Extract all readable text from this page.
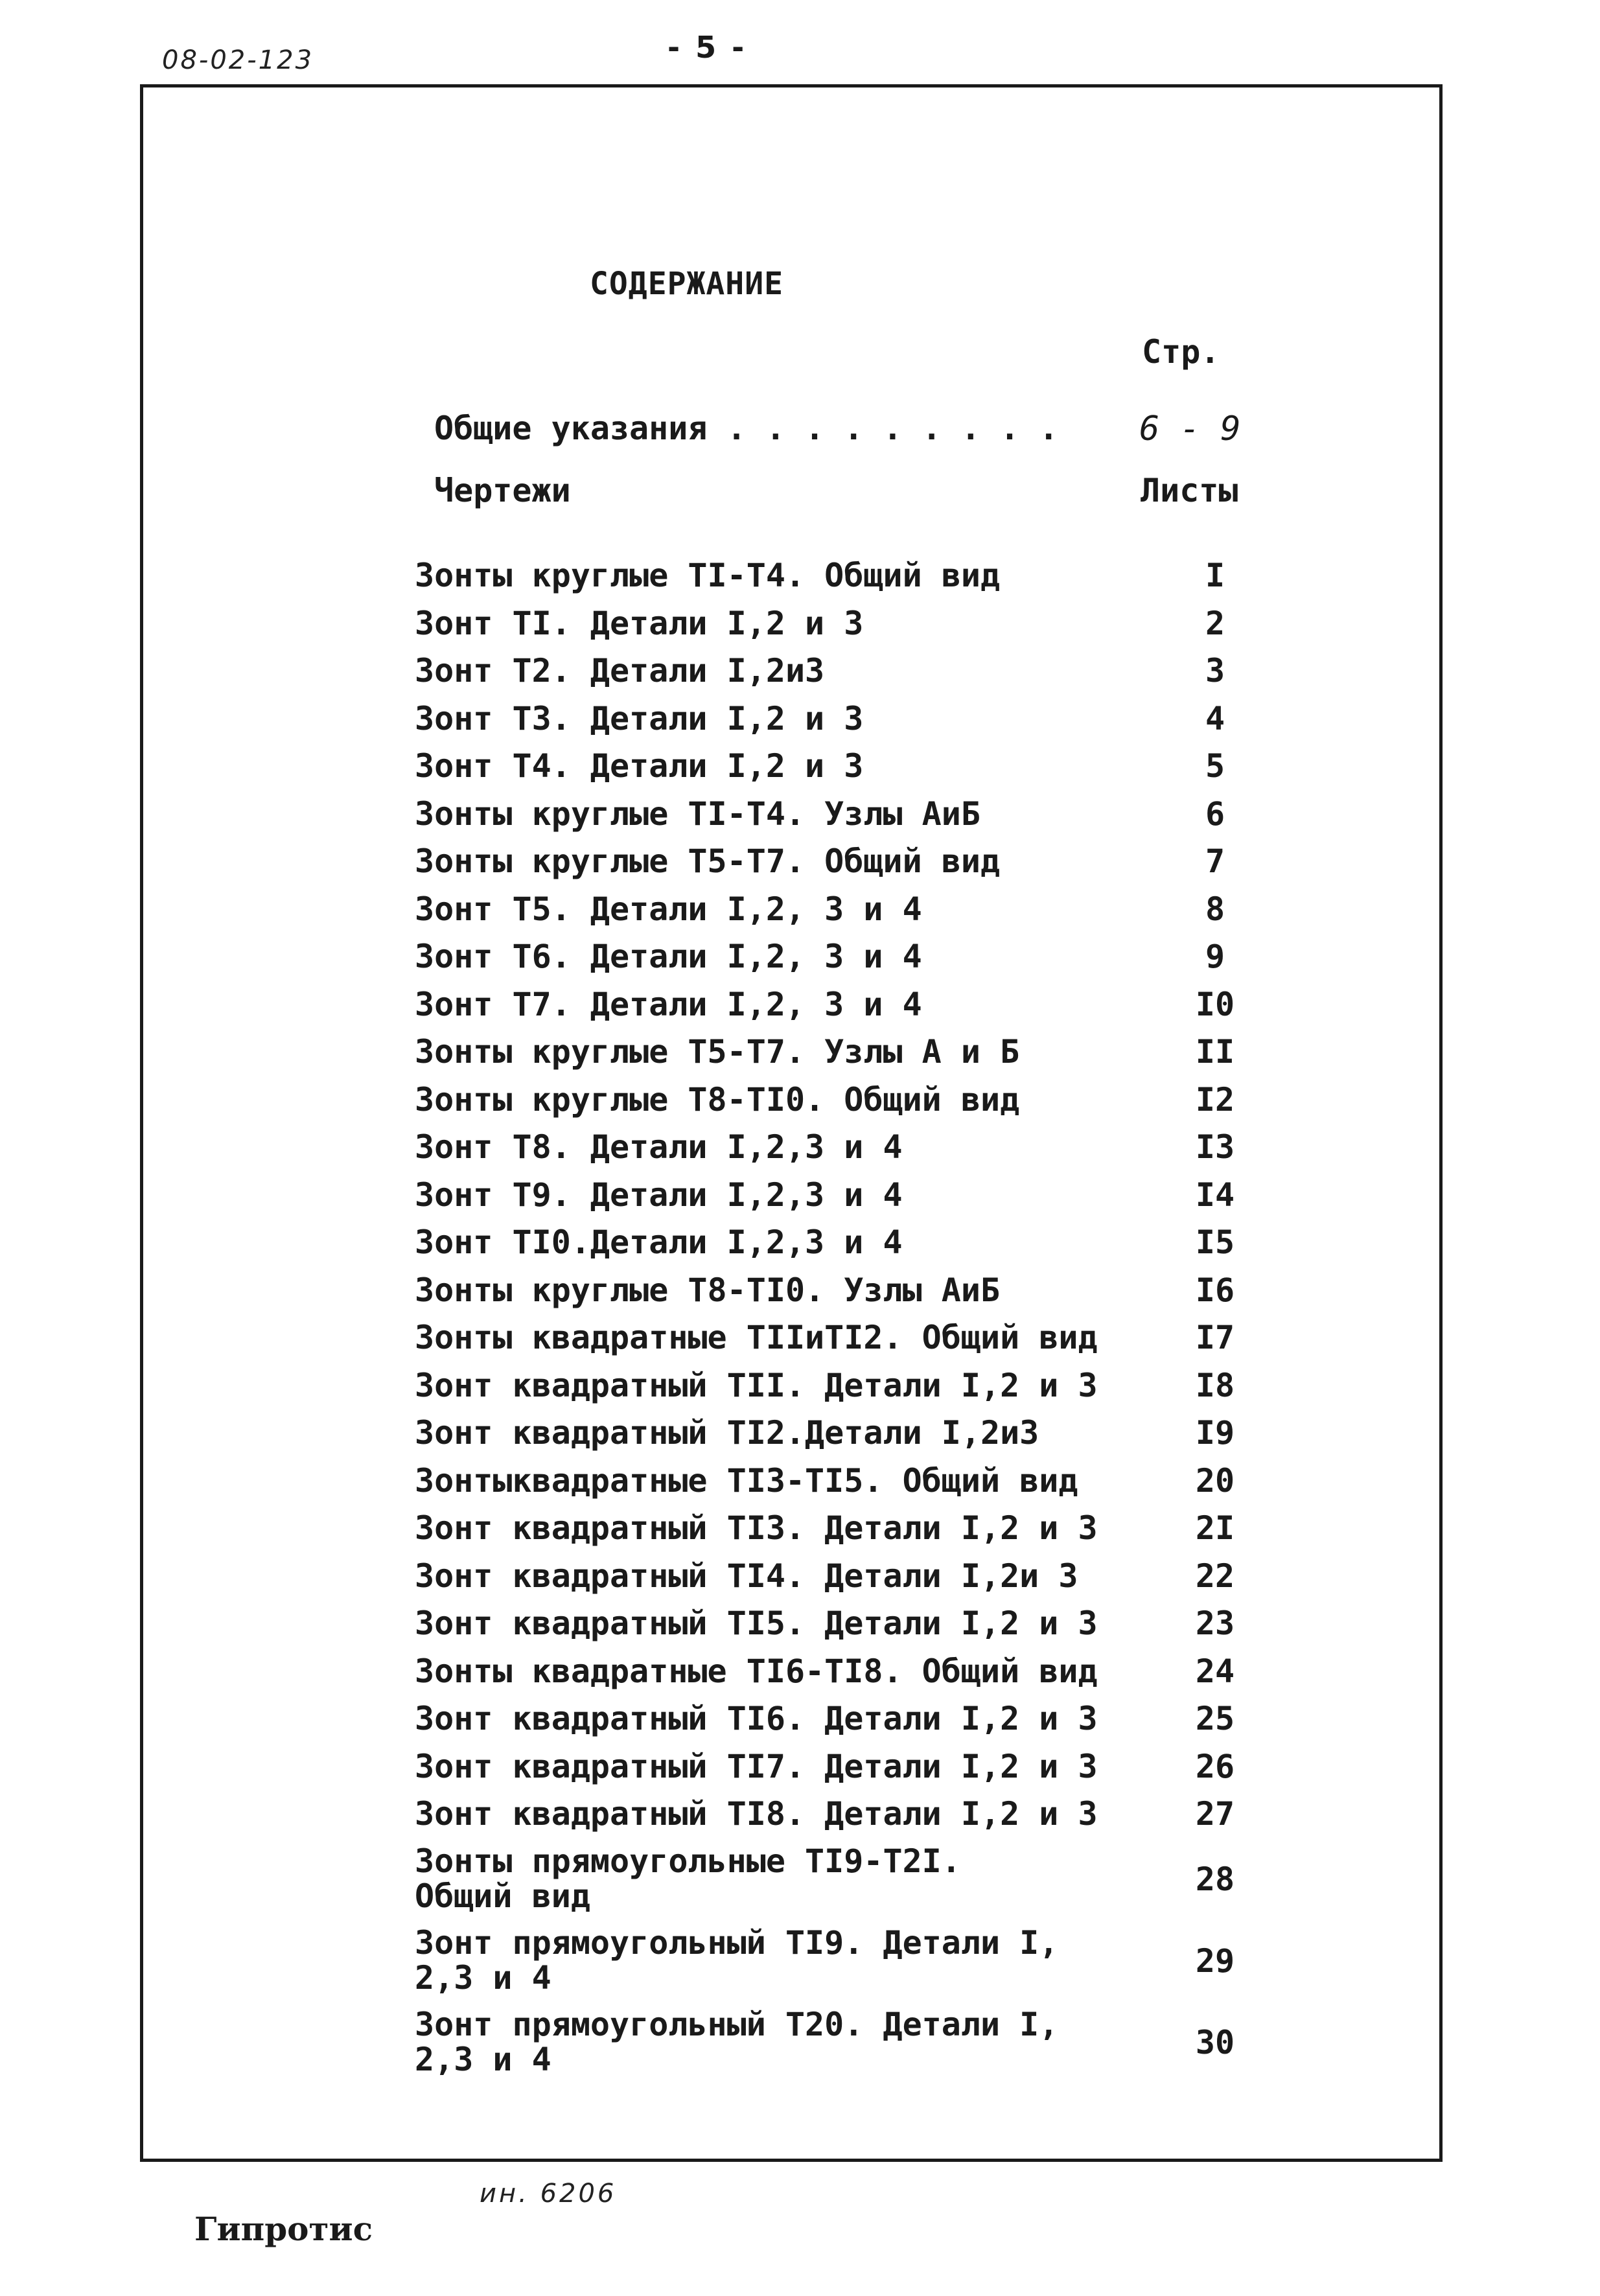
08-02-123	- 5 -
СОДЕРЖАНИЕ
Стр.
Общие указания . . . . . . . . . 6 - 9
Чертежи	Листы
Зонты круглые ТI-Т4. Общий вид	I
Зонт ТI. Детали I,2 и 3	2
Зонт Т2. Детали I,2и3	3
Зонт Т3. Детали I,2 и 3	4
Зонт Т4. Детали I,2 и 3	5
Зонты круглые ТI-Т4. Узлы АиБ	6
Зонты круглые Т5-Т7. Общий вид	7
Зонт Т5. Детали I,2, 3 и 4	8
Зонт Т6. Детали I,2, 3 и 4	9
Зонт Т7. Детали I,2, 3 и 4	I0
Зонты круглые Т5-Т7. Узлы А и Б	II
Зонты круглые Т8-ТI0. Общий вид	I2
Зонт Т8. Детали I,2,3 и 4	I3
Зонт Т9. Детали I,2,3 и 4	I4
Зонт ТI0.Детали I,2,3 и 4	I5
Зонты круглые Т8-ТI0. Узлы АиБ	I6
Зонты квадратные ТIIиТI2. Общий вид	I7
Зонт квадратный ТII. Детали I,2 и 3	I8
Зонт квадратный ТI2.Детали I,2и3	I9
Зонтыквадратные ТI3-ТI5. Общий вид	20
Зонт квадратный ТI3. Детали I,2 и 3	2I
Зонт квадратный ТI4. Детали I,2и 3	22
Зонт квадратный ТI5. Детали I,2 и 3	23
Зонты квадратные ТI6-ТI8. Общий вид	24
Зонт квадратный ТI6. Детали I,2 и 3	25
Зонт квадратный ТI7. Детали I,2 и 3	26
Зонт квадратный ТI8. Детали I,2 и 3	27
Зонты прямоугольные ТI9-Т2I.
Общий вид	28
Зонт прямоугольный ТI9. Детали I,
2,3 и 4	29
Зонт прямоугольный Т20. Детали I,
2,3 и 4	30
ин. 6206
Гипротис
